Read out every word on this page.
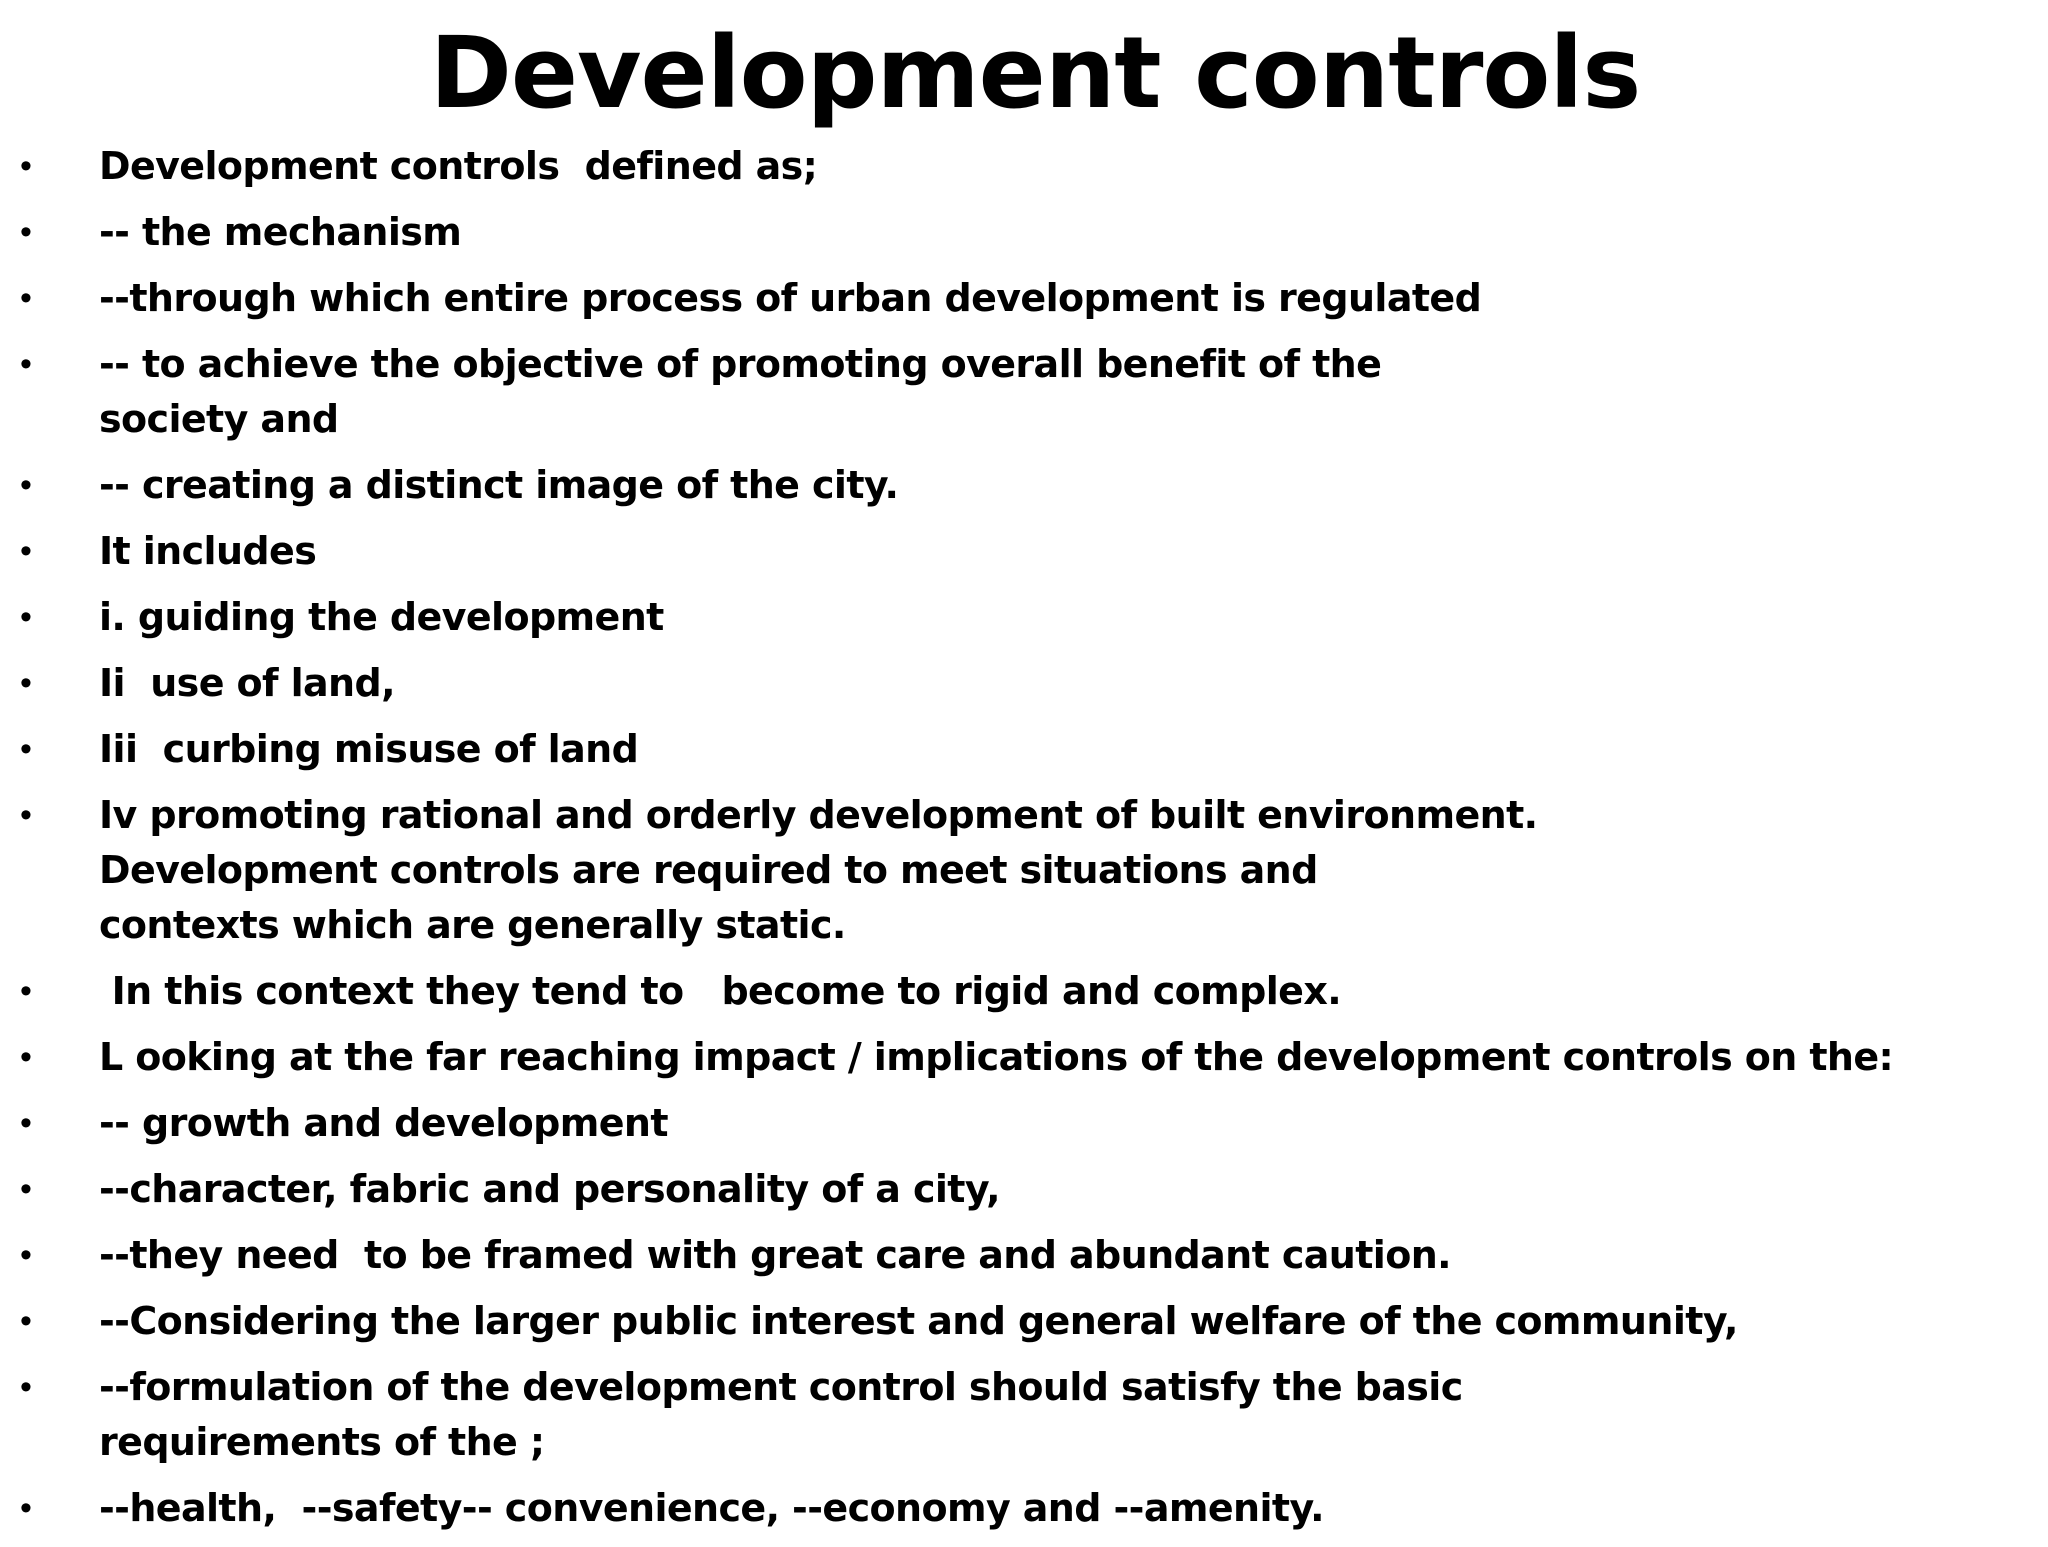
Development controls
• Development controls  defined as;
• -- the mechanism
• --through which entire process of urban development is regulated
• -- to achieve the objective of promoting overall benefit of the
society and
• -- creating a distinct image of the city.
• It includes
• i. guiding the development
• Ii  use of land,
• Iii  curbing misuse of land
• Iv promoting rational and orderly development of built environment.
Development controls are required to meet situations and
contexts which are generally static.
• In this context they tend to   become to rigid and complex.
• L ooking at the far reaching impact / implications of the development controls on the:
• -- growth and development
• --character, fabric and personality of a city,
• --they need  to be framed with great care and abundant caution.
• --Considering the larger public interest and general welfare of the community,
• --formulation of the development control should satisfy the basic
requirements of the ;
• --health,  --safety-- convenience, --economy and --amenity.
